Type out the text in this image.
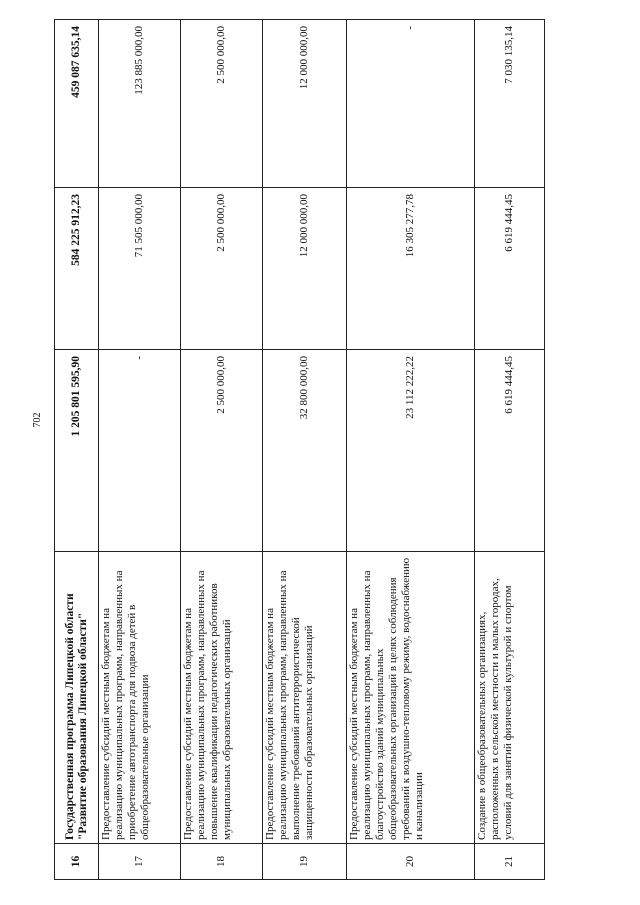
702
16	Государственная программа Липецкой области "Развитие образования Липецкой области"	1 205 801 595,90	584 225 912,23	459 087 635,14
17	Предоставление субсидий местным бюджетам на реализацию муниципальных программ, направленных на приобретение автотранспорта для подвоза детей в общеобразовательные организации	-	71 505 000,00	123 885 000,00
18	Предоставление субсидий местным бюджетам на реализацию муниципальных программ, направленных на повышение квалификации педагогических работников муниципальных образовательных организаций	2 500 000,00	2 500 000,00	2 500 000,00
19	Предоставление субсидий местным бюджетам на реализацию муниципальных программ, направленных на выполнение требований антитеррористической защищенности образовательных организаций	32 800 000,00	12 000 000,00	12 000 000,00
20	Предоставление субсидий местным бюджетам на реализацию муниципальных программ, направленных на благоустройство зданий муниципальных общеобразовательных организаций в целях соблюдения требований к воздушно-тепловому режиму, водоснабжению и канализации	23 112 222,22	16 305 277,78	-
21	Создание в общеобразовательных организациях, расположенных в сельской местности и малых городах, условий для занятий физической культурой и спортом	6 619 444,45	6 619 444,45	7 030 135,14
